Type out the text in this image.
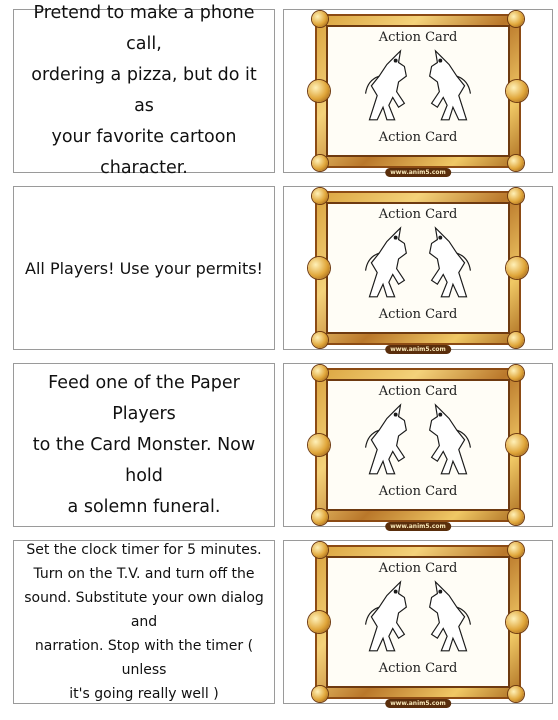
Pretend to make a phone call,
ordering a pizza, but do it as
your favorite cartoon
character.
Action Card
Action Card
www.anim5.com
All Players! Use your permits!
Action Card
Action Card
www.anim5.com
Feed one of the Paper Players
to the Card Monster. Now hold
a solemn funeral.
Action Card
Action Card
www.anim5.com
Set the clock timer for 5 minutes.
Turn on the T.V. and turn off the
sound. Substitute your own dialog and
narration. Stop with the timer ( unless
it's going really well )
Action Card
Action Card
www.anim5.com
